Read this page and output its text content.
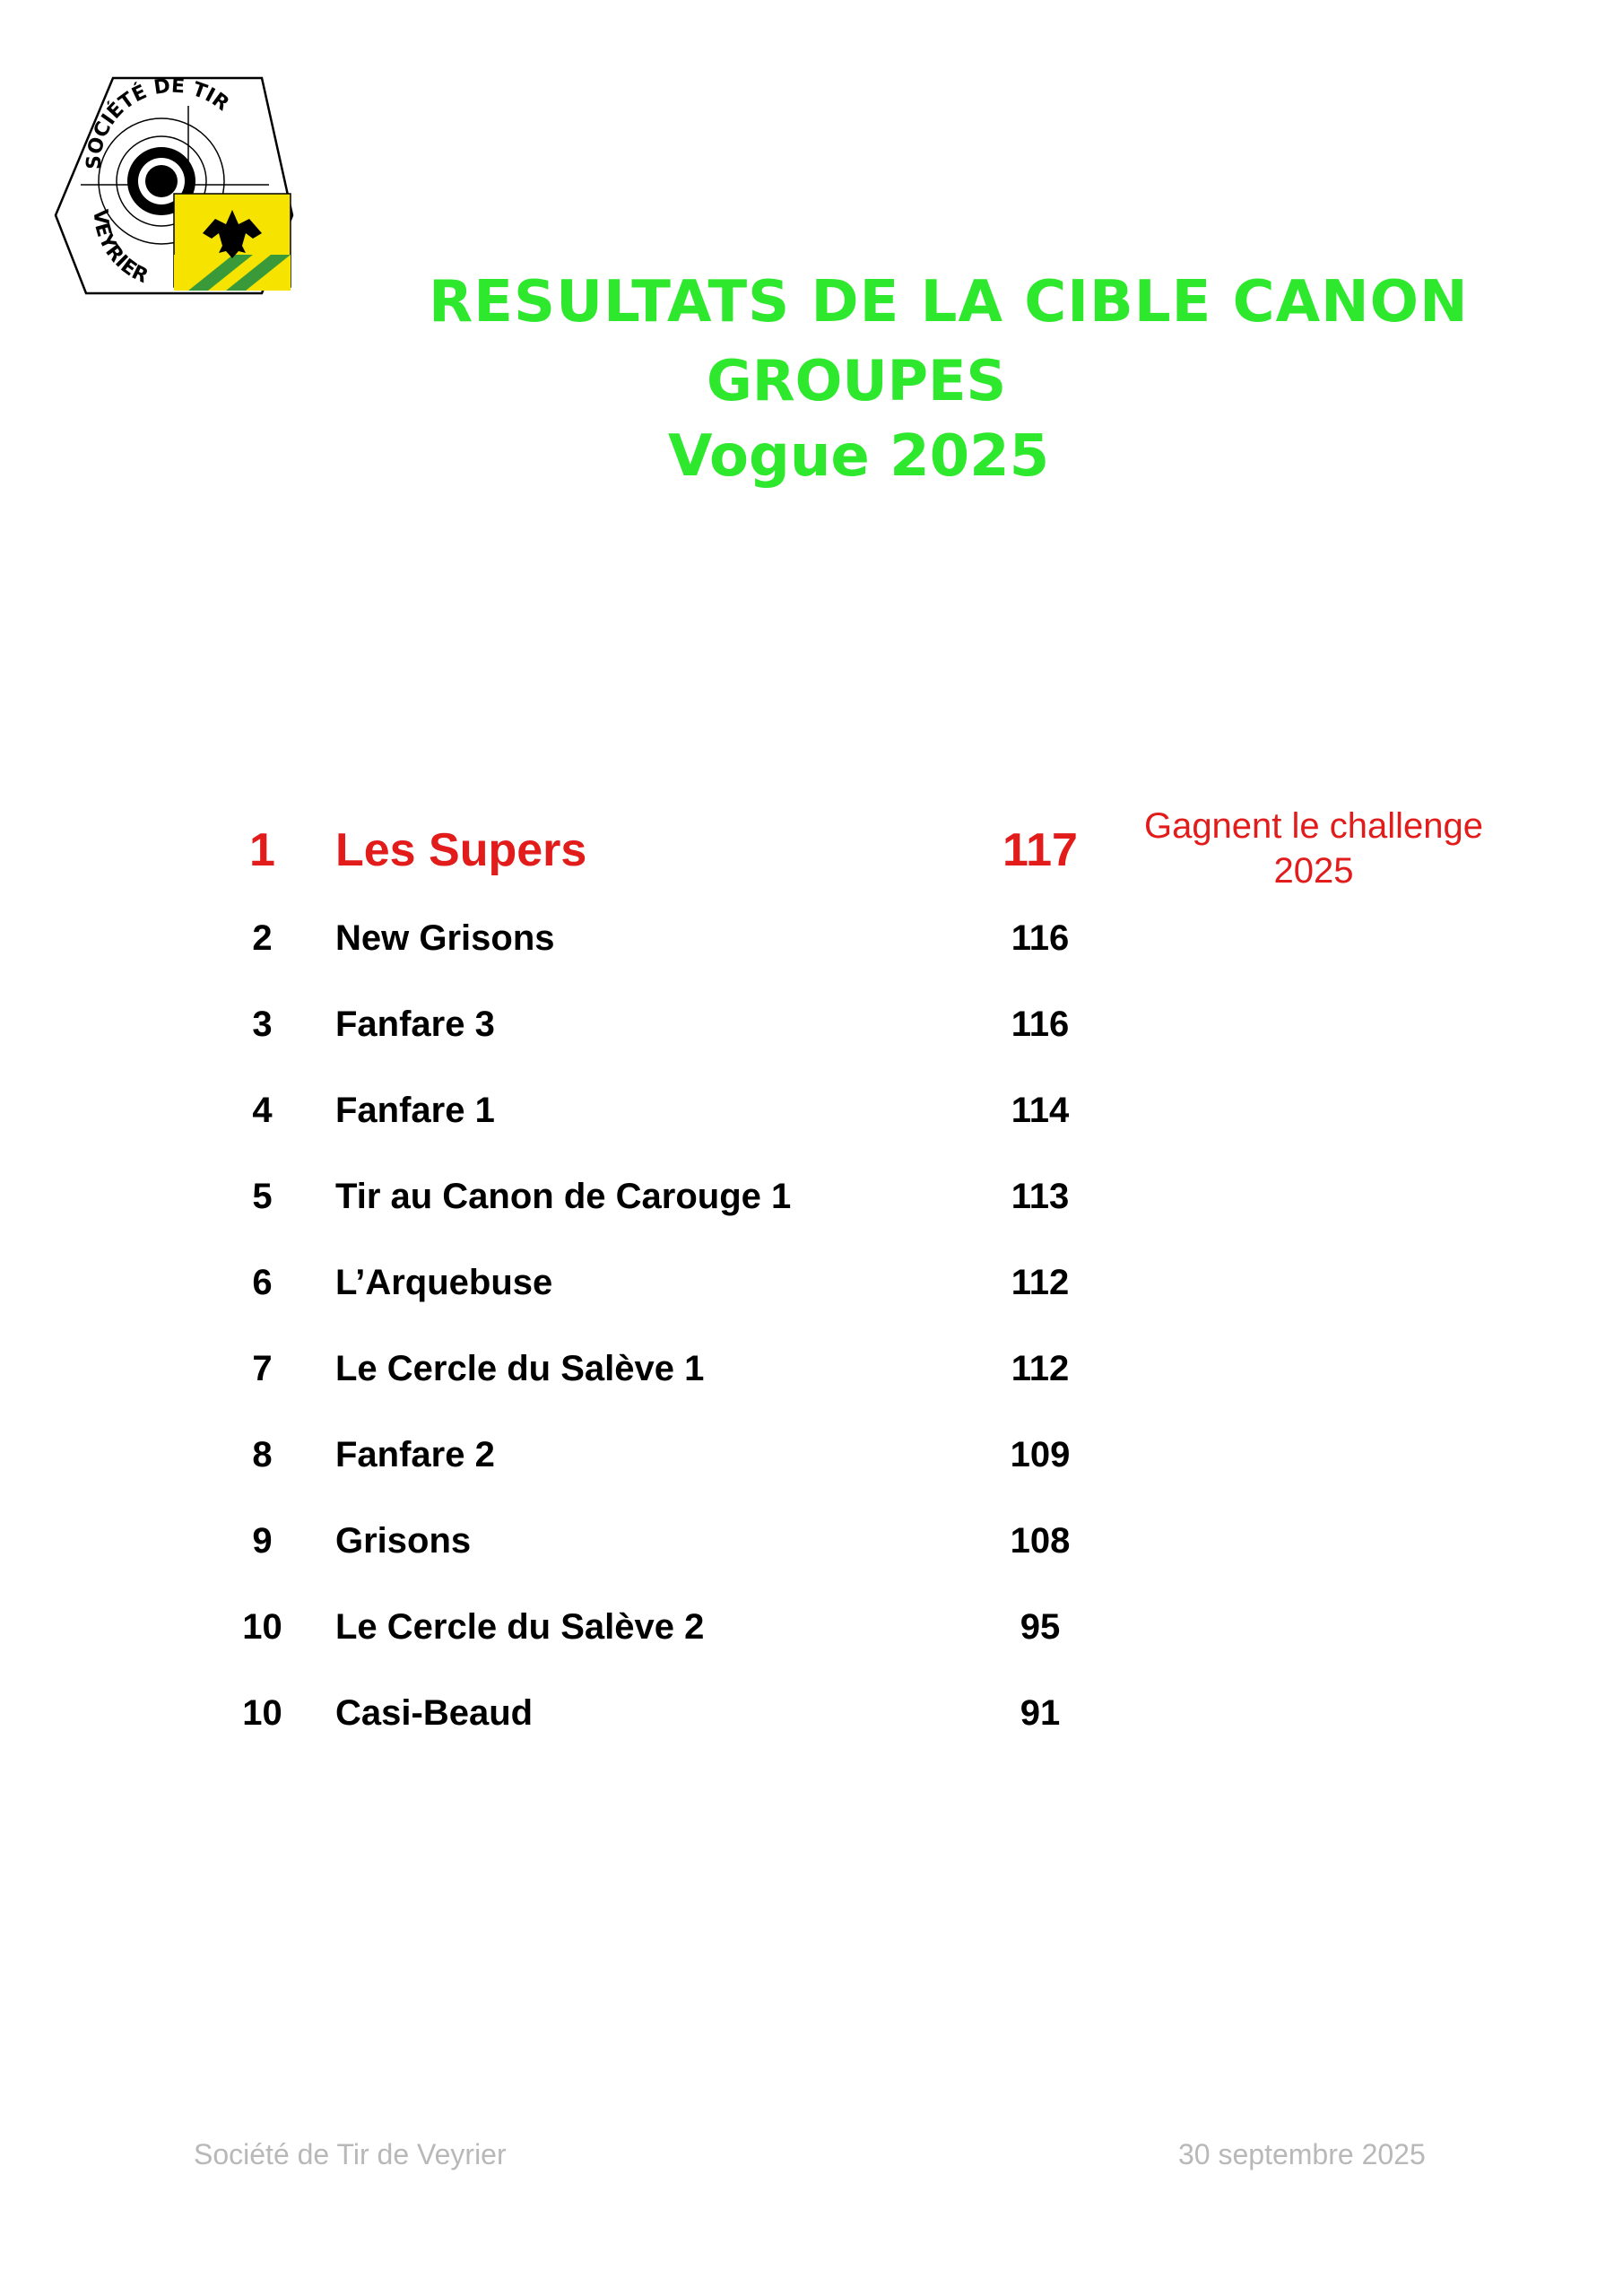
SOCIÉTÉ DE TIR
VEYRIER	RESULTATS DE LA CIBLE CANON
GROUPES
Vogue 2025
1	Les Supers	117
2	New Grisons	116
3	Fanfare 3	116
4	Fanfare 1	114
5	Tir au Canon de Carouge 1	113
6	L’Arquebuse	112
7	Le Cercle du Salève 1	112
8	Fanfare 2	109
9	Grisons	108
10	Le Cercle du Salève 2	95
10	Casi-Beaud	91
Gagnent le challenge
2025
Société de Tir de Veyrier	30 septembre 2025
